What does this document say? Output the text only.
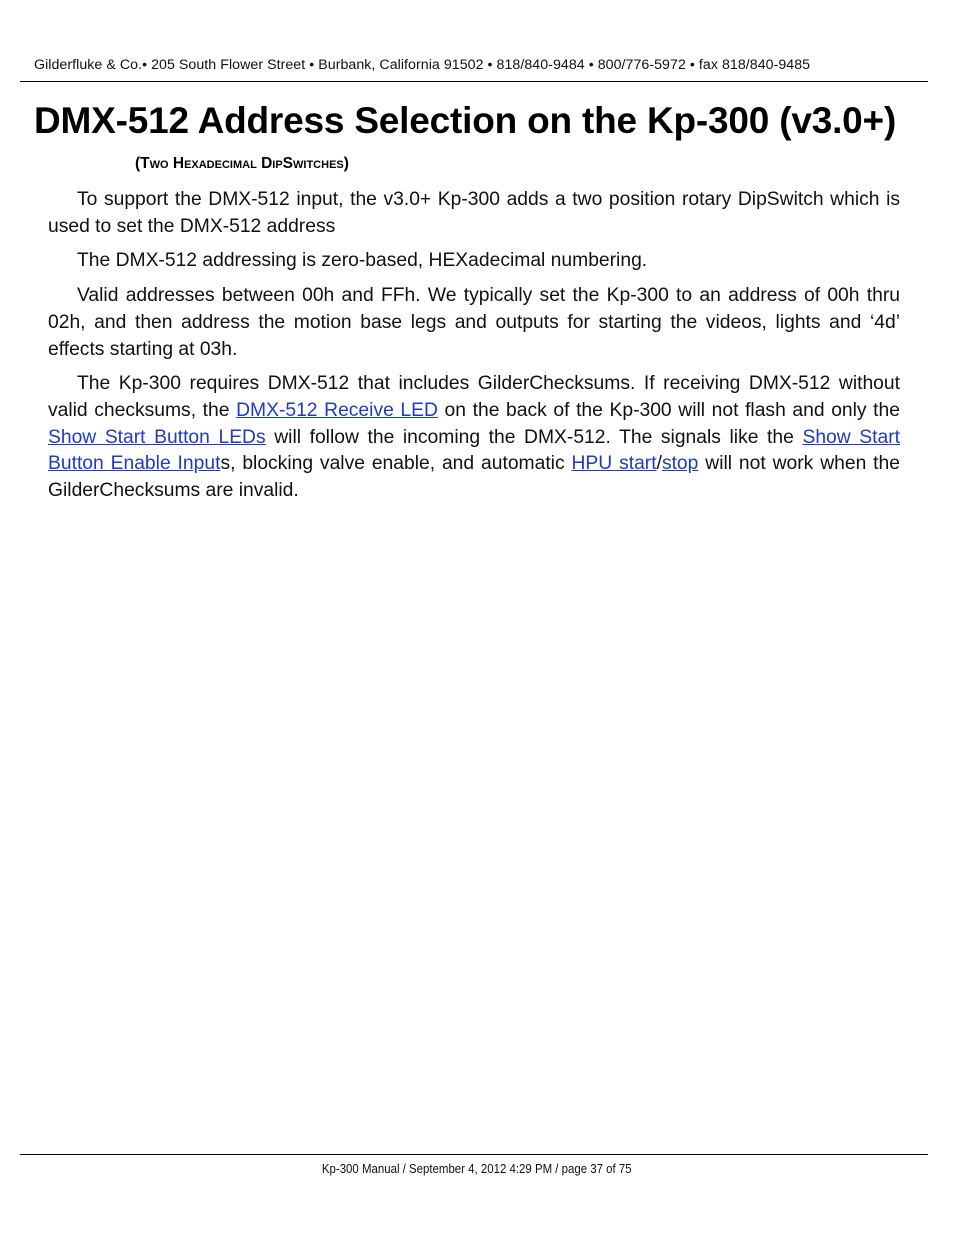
Gilderfluke & Co.• 205 South Flower Street • Burbank, California 91502 • 818/840-9484 • 800/776-5972 • fax 818/840-9485
DMX-512 Address Selection on the Kp-300 (v3.0+)
(Two Hexadecimal DipSwitches)

To support the DMX-512 input, the v3.0+ Kp-300 adds a two position rotary DipSwitch which is used to set the DMX-512 address

The DMX-512 addressing is zero-based, HEXadecimal numbering.

Valid addresses between 00h and FFh. We typically set the Kp-300 to an address of 00h thru 02h, and then address the motion base legs and outputs for starting the videos, lights and ‘4d’ effects starting at 03h.

The Kp-300 requires DMX-512 that includes GilderChecksums. If receiving DMX-512 without valid checksums, the DMX-512 Receive LED on the back of the Kp-300 will not flash and only the Show Start Button LEDs will follow the incoming the DMX-512. The signals like the Show Start Button Enable Inputs, blocking valve enable, and automatic HPU start/stop will not work when the GilderChecksums are invalid.

Kp-300 Manual / September 4, 2012 4:29 PM / page 37 of 75
